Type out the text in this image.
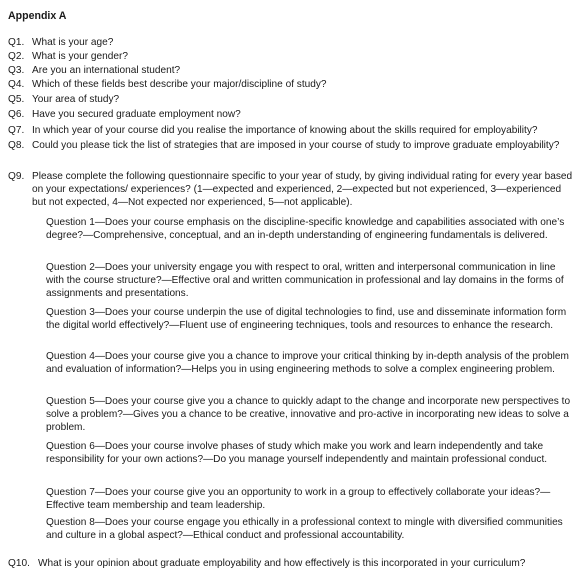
Appendix A
Q1. What is your age?
Q2. What is your gender?
Q3. Are you an international student?
Q4. Which of these fields best describe your major/discipline of study?
Q5. Your area of study?
Q6. Have you secured graduate employment now?
Q7. In which year of your course did you realise the importance of knowing about the skills required for employability?
Q8. Could you please tick the list of strategies that are imposed in your course of study to improve graduate employability?
Q9. Please complete the following questionnaire specific to your year of study, by giving individual rating for every year based on your expectations/ experiences? (1—expected and experienced, 2—expected but not experienced, 3—experienced but not expected, 4—Not expected nor experienced, 5—not applicable).
Question 1—Does your course emphasis on the discipline-specific knowledge and capabilities associated with one’s degree?—Comprehensive, conceptual, and an in-depth understanding of engineering fundamentals is delivered.
Question 2—Does your university engage you with respect to oral, written and interpersonal communication in line with the course structure?—Effective oral and written communication in professional and lay domains in the forms of assignments and presentations.
Question 3—Does your course underpin the use of digital technologies to find, use and disseminate information form the digital world effectively?—Fluent use of engineering techniques, tools and resources to enhance the research.
Question 4—Does your course give you a chance to improve your critical thinking by in-depth analysis of the problem and evaluation of information?—Helps you in using engineering methods to solve a complex engineering problem.
Question 5—Does your course give you a chance to quickly adapt to the change and incorporate new perspectives to solve a problem?—Gives you a chance to be creative, innovative and pro-active in incorporating new ideas to solve a problem.
Question 6—Does your course involve phases of study which make you work and learn independently and take responsibility for your own actions?—Do you manage yourself independently and maintain professional conduct.
Question 7—Does your course give you an opportunity to work in a group to effectively collaborate your ideas?—Effective team membership and team leadership.
Question 8—Does your course engage you ethically in a professional context to mingle with diversified communities and culture in a global aspect?—Ethical conduct and professional accountability.
Q10. What is your opinion about graduate employability and how effectively is this incorporated in your curriculum?
